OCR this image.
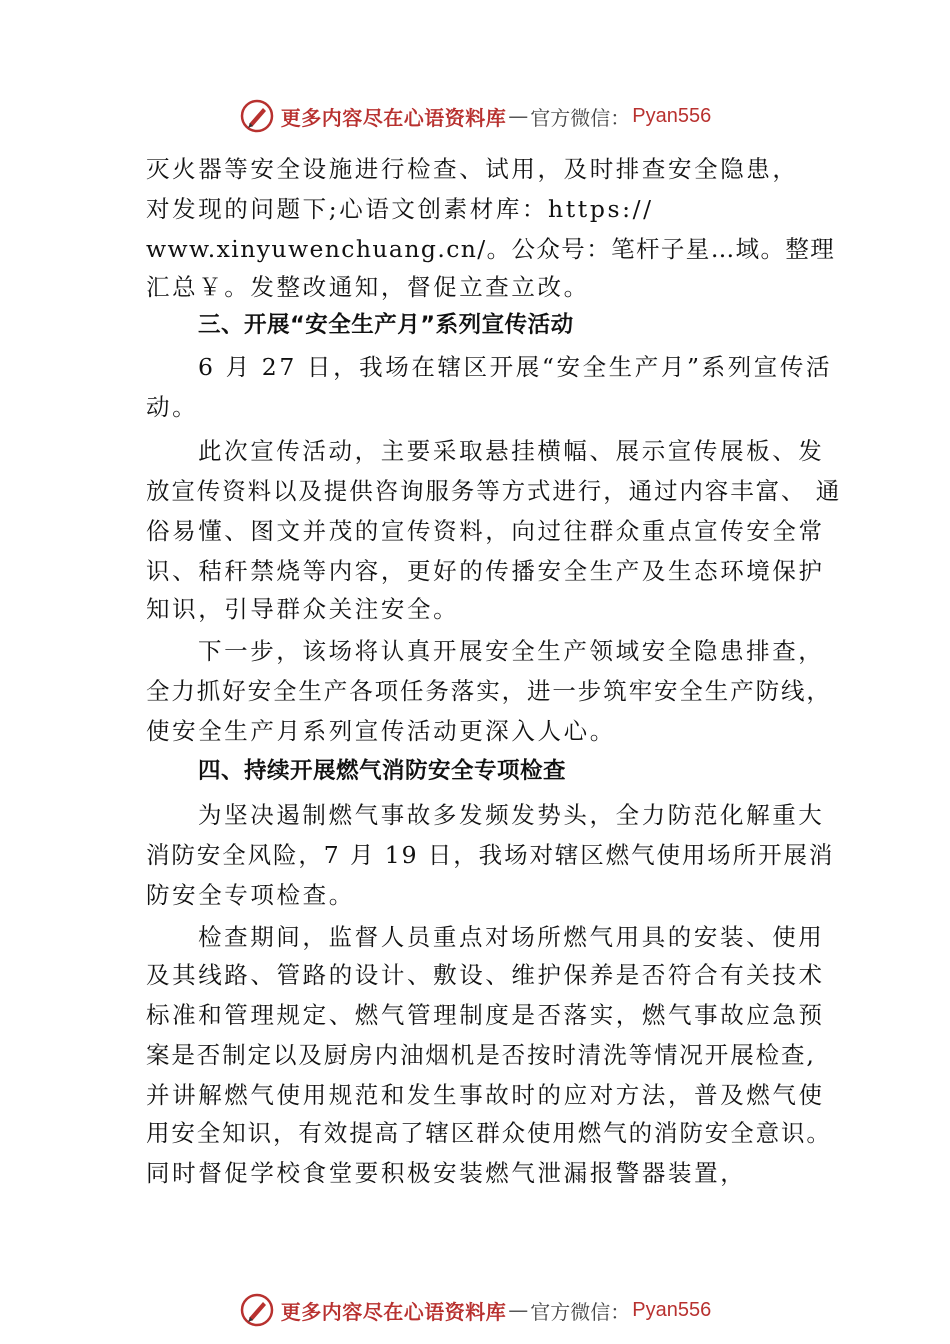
更多内容尽在心语资料库 — 官方微信： Pyan556
灭火器等安全设施进行检查、试用，及时排查安全隐患，
对发现的问题下;心语文创素材库：https://
www.xinyuwenchuang.cn/。公众号：笔杆子星…域。整理
汇总￥。发整改通知，督促立查立改。
三、开展“安全生产月”系列宣传活动
6 月 27 日，我场在辖区开展“安全生产月”系列宣传活
动。
此次宣传活动，主要采取悬挂横幅、展示宣传展板、发
放宣传资料以及提供咨询服务等方式进行，通过内容丰富、 通
俗易懂、图文并茂的宣传资料，向过往群众重点宣传安全常
识、秸秆禁烧等内容，更好的传播安全生产及生态环境保护
知识，引导群众关注安全。
下一步，该场将认真开展安全生产领域安全隐患排查，
全力抓好安全生产各项任务落实，进一步筑牢安全生产防线，
使安全生产月系列宣传活动更深入人心。
四、持续开展燃气消防安全专项检查
为坚决遏制燃气事故多发频发势头，全力防范化解重大
消防安全风险，7 月 19 日，我场对辖区燃气使用场所开展消
防安全专项检查。
检查期间，监督人员重点对场所燃气用具的安装、使用
及其线路、管路的设计、敷设、维护保养是否符合有关技术
标准和管理规定、燃气管理制度是否落实，燃气事故应急预
案是否制定以及厨房内油烟机是否按时清洗等情况开展检查,
并讲解燃气使用规范和发生事故时的应对方法，普及燃气使
用安全知识，有效提高了辖区群众使用燃气的消防安全意识。
同时督促学校食堂要积极安装燃气泄漏报警器装置，
更多内容尽在心语资料库 — 官方微信： Pyan556
